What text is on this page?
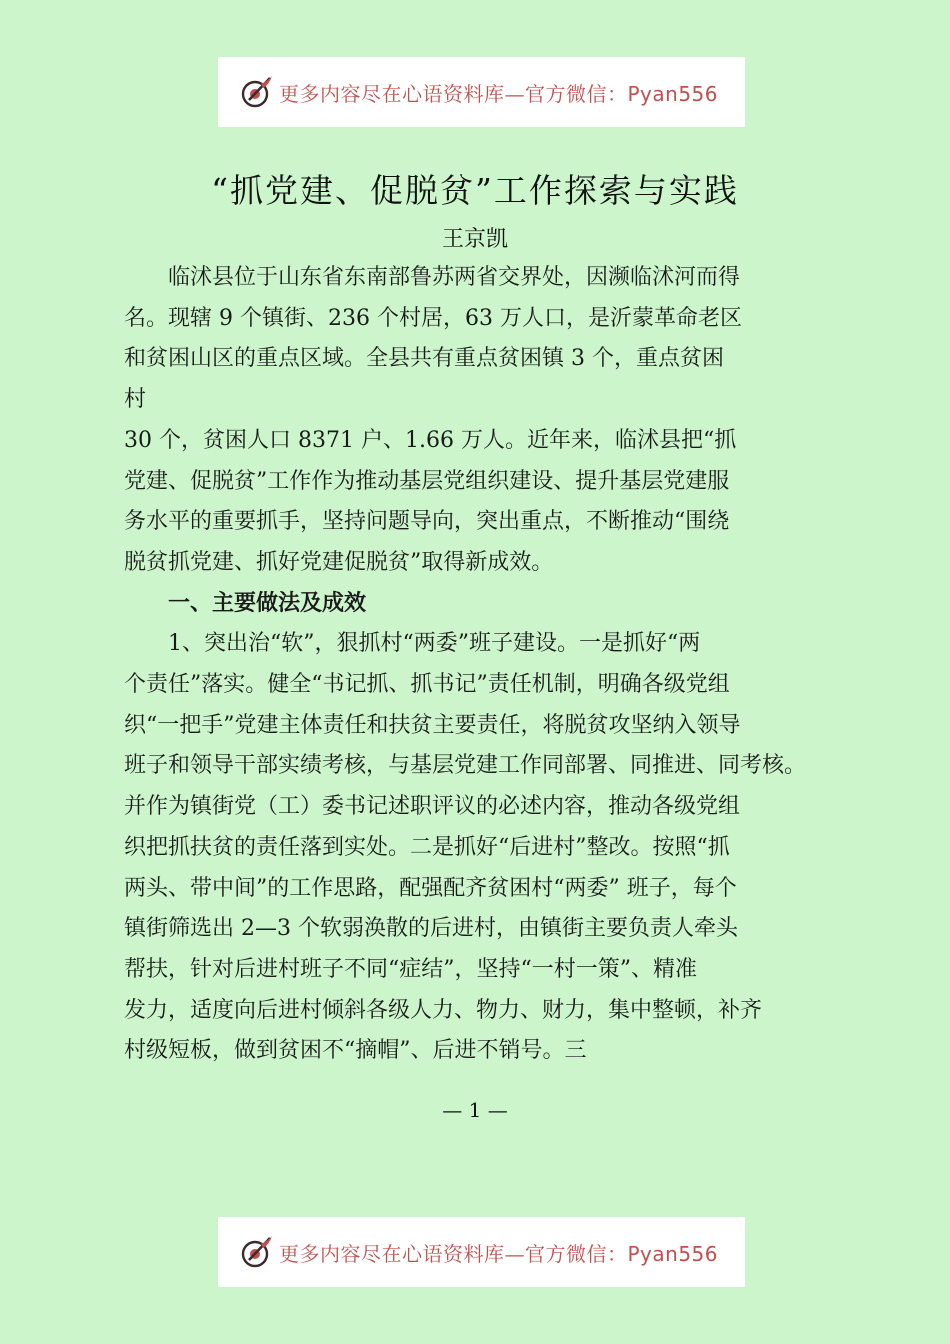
更多内容尽在心语资料库—官方微信：Pyan556
“抓党建、促脱贫”工作探索与实践
王京凯

临沭县位于山东省东南部鲁苏两省交界处，因濒临沭河而得

名。现辖 9 个镇街、236 个村居，63 万人口，是沂蒙革命老区

和贫困山区的重点区域。全县共有重点贫困镇 3 个，重点贫困

村

30 个，贫困人口 8371 户、1.66 万人。近年来，临沭县把“抓

党建、促脱贫”工作作为推动基层党组织建设、提升基层党建服

务水平的重要抓手，坚持问题导向，突出重点，不断推动“围绕

脱贫抓党建、抓好党建促脱贫”取得新成效。

一、主要做法及成效

1、突出治“软”，狠抓村“两委”班子建设。一是抓好“两

个责任”落实。健全“书记抓、抓书记”责任机制，明确各级党组

织“一把手”党建主体责任和扶贫主要责任，将脱贫攻坚纳入领导

班子和领导干部实绩考核，与基层党建工作同部署、同推进、同考核。

并作为镇街党（工）委书记述职评议的必述内容，推动各级党组

织把抓扶贫的责任落到实处。二是抓好“后进村”整改。按照“抓

两头、带中间”的工作思路，配强配齐贫困村“两委” 班子，每个

镇街筛选出 2—3 个软弱涣散的后进村，由镇街主要负责人牵头

帮扶，针对后进村班子不同“症结”，坚持“一村一策”、精准

发力，适度向后进村倾斜各级人力、物力、财力，集中整顿，补齐

村级短板，做到贫困不“摘帽”、后进不销号。三

— 1 —
更多内容尽在心语资料库—官方微信：Pyan556
